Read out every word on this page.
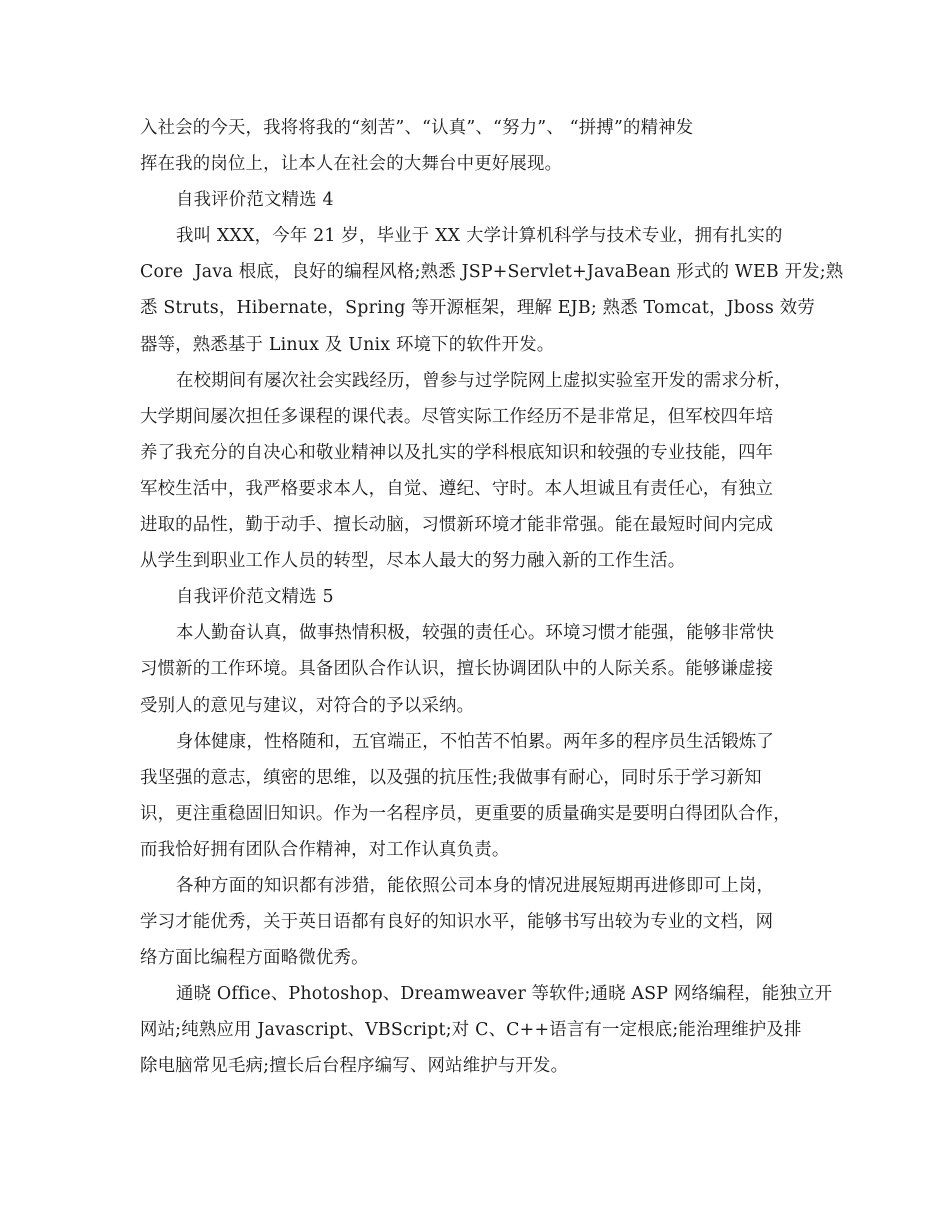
入社会的今天，我将将我的“刻苦”、“认真”、“努力”、 “拼搏”的精神发
挥在我的岗位上，让本人在社会的大舞台中更好展现。
自我评价范文精选 4
我叫 XXX，今年 21 岁，毕业于 XX 大学计算机科学与技术专业，拥有扎实的
Core  Java 根底，良好的编程风格;熟悉 JSP+Servlet+JavaBean 形式的 WEB 开发;熟
悉 Struts，Hibernate，Spring 等开源框架，理解 EJB; 熟悉 Tomcat，Jboss 效劳
器等，熟悉基于 Linux 及 Unix 环境下的软件开发。
在校期间有屡次社会实践经历，曾参与过学院网上虚拟实验室开发的需求分析，
大学期间屡次担任多课程的课代表。尽管实际工作经历不是非常足，但军校四年培
养了我充分的自决心和敬业精神以及扎实的学科根底知识和较强的专业技能，四年
军校生活中，我严格要求本人，自觉、遵纪、守时。本人坦诚且有责任心，有独立
进取的品性，勤于动手、擅长动脑，习惯新环境才能非常强。能在最短时间内完成
从学生到职业工作人员的转型，尽本人最大的努力融入新的工作生活。
自我评价范文精选 5
本人勤奋认真，做事热情积极，较强的责任心。环境习惯才能强，能够非常快
习惯新的工作环境。具备团队合作认识，擅长协调团队中的人际关系。能够谦虚接
受别人的意见与建议，对符合的予以采纳。
身体健康，性格随和，五官端正，不怕苦不怕累。两年多的程序员生活锻炼了
我坚强的意志，缜密的思维，以及强的抗压性;我做事有耐心，同时乐于学习新知
识，更注重稳固旧知识。作为一名程序员，更重要的质量确实是要明白得团队合作，
而我恰好拥有团队合作精神，对工作认真负责。
各种方面的知识都有涉猎，能依照公司本身的情况进展短期再进修即可上岗，
学习才能优秀，关于英日语都有良好的知识水平，能够书写出较为专业的文档，网
络方面比编程方面略微优秀。
通晓 Office、Photoshop、Dreamweaver 等软件;通晓 ASP 网络编程，能独立开
网站;纯熟应用 Javascript、VBScript;对 C、C++语言有一定根底;能治理维护及排
除电脑常见毛病;擅长后台程序编写、网站维护与开发。
